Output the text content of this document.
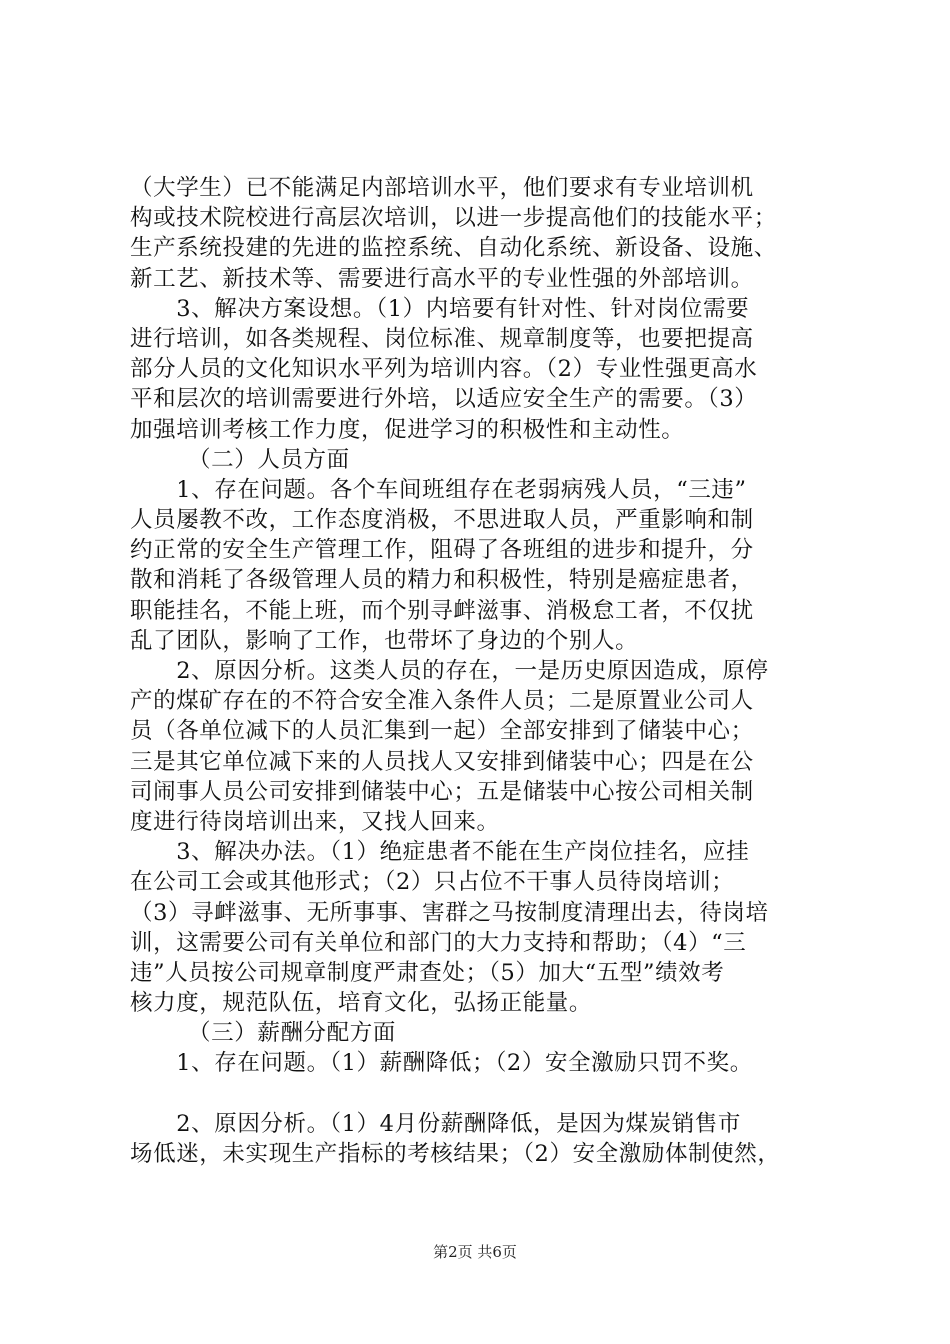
（大学生）已不能满足内部培训水平，他们要求有专业培训机
构或技术院校进行高层次培训，以进一步提高他们的技能水平；
生产系统投建的先进的监控系统、自动化系统、新设备、设施、
新工艺、新技术等、需要进行高水平的专业性强的外部培训。
　　3、解决方案设想。（1）内培要有针对性、针对岗位需要
进行培训，如各类规程、岗位标准、规章制度等，也要把提高
部分人员的文化知识水平列为培训内容。（2）专业性强更高水
平和层次的培训需要进行外培，以适应安全生产的需要。（3）
加强培训考核工作力度，促进学习的积极性和主动性。
　　　（二）人员方面
　　1、存在问题。各个车间班组存在老弱病残人员，“三违”
人员屡教不改，工作态度消极，不思进取人员，严重影响和制
约正常的安全生产管理工作，阻碍了各班组的进步和提升，分
散和消耗了各级管理人员的精力和积极性，特别是癌症患者，
职能挂名，不能上班，而个别寻衅滋事、消极怠工者，不仅扰
乱了团队，影响了工作，也带坏了身边的个别人。
　　2、原因分析。这类人员的存在，一是历史原因造成，原停
产的煤矿存在的不符合安全准入条件人员；二是原置业公司人
员（各单位减下的人员汇集到一起）全部安排到了储装中心；
三是其它单位减下来的人员找人又安排到储装中心；四是在公
司闹事人员公司安排到储装中心；五是储装中心按公司相关制
度进行待岗培训出来，又找人回来。
　　3、解决办法。（1）绝症患者不能在生产岗位挂名，应挂
在公司工会或其他形式；（2）只占位不干事人员待岗培训；
（3）寻衅滋事、无所事事、害群之马按制度清理出去，待岗培
训，这需要公司有关单位和部门的大力支持和帮助；（4）“三
违”人员按公司规章制度严肃查处；（5）加大“五型”绩效考
核力度，规范队伍，培育文化，弘扬正能量。
　　　（三）薪酬分配方面
　　1、存在问题。（1）薪酬降低；（2）安全激励只罚不奖。
　　2、原因分析。（1）4月份薪酬降低，是因为煤炭销售市
场低迷，未实现生产指标的考核结果；（2）安全激励体制使然，
第2页 共6页
